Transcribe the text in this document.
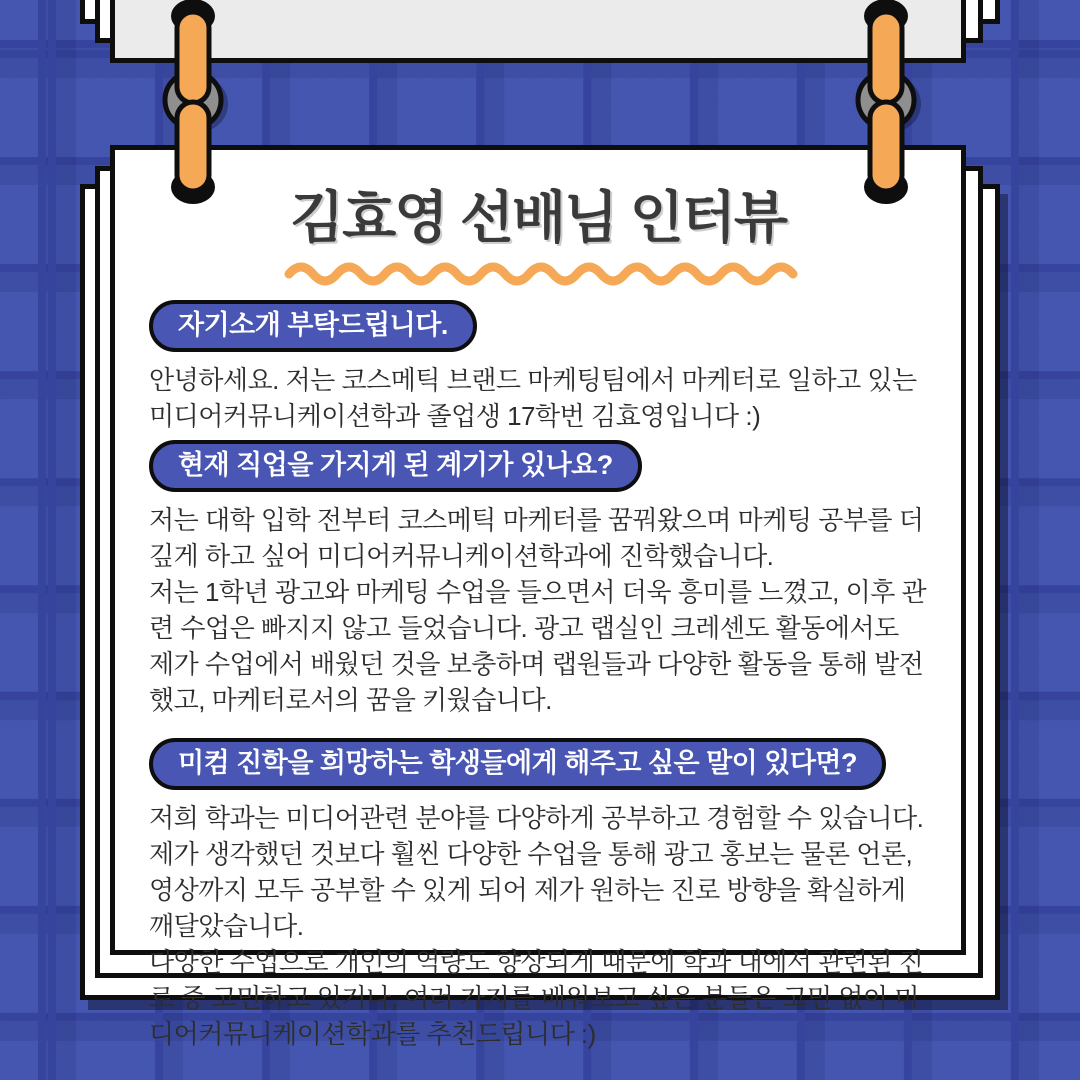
김효영 선배님 인터뷰
자기소개 부탁드립니다.

안녕하세요. 저는 코스메틱 브랜드 마케팅팀에서 마케터로 일하고 있는 미디어커뮤니케이션학과 졸업생 17학번 김효영입니다 :)

현재 직업을 가지게 된 계기가 있나요?

저는 대학 입학 전부터 코스메틱 마케터를 꿈꿔왔으며 마케팅 공부를 더 깊게 하고 싶어 미디어커뮤니케이션학과에 진학했습니다.

저는 1학년 광고와 마케팅 수업을 들으면서 더욱 흥미를 느꼈고, 이후 관련 수업은 빠지지 않고 들었습니다. 광고 랩실인 크레센도 활동에서도 제가 수업에서 배웠던 것을 보충하며 랩원들과 다양한 활동을 통해 발전했고, 마케터로서의 꿈을 키웠습니다.

미컴 진학을 희망하는 학생들에게 해주고 싶은 말이 있다면?

저희 학과는 미디어관련 분야를 다양하게 공부하고 경험할 수 있습니다. 제가 생각했던 것보다 훨씬 다양한 수업을 통해 광고 홍보는 물론 언론, 영상까지 모두 공부할 수 있게 되어 제가 원하는 진로 방향을 확실하게 깨달았습니다.

다양한 수업으로 개인의 역량도 향상되게 때문에 학과 내에서 관련된 진로 중 고민하고 있거나, 여러 가지를 배워보고 싶은 분들은 고민 없이 미디어커뮤니케이션학과를 추천드립니다 :)
